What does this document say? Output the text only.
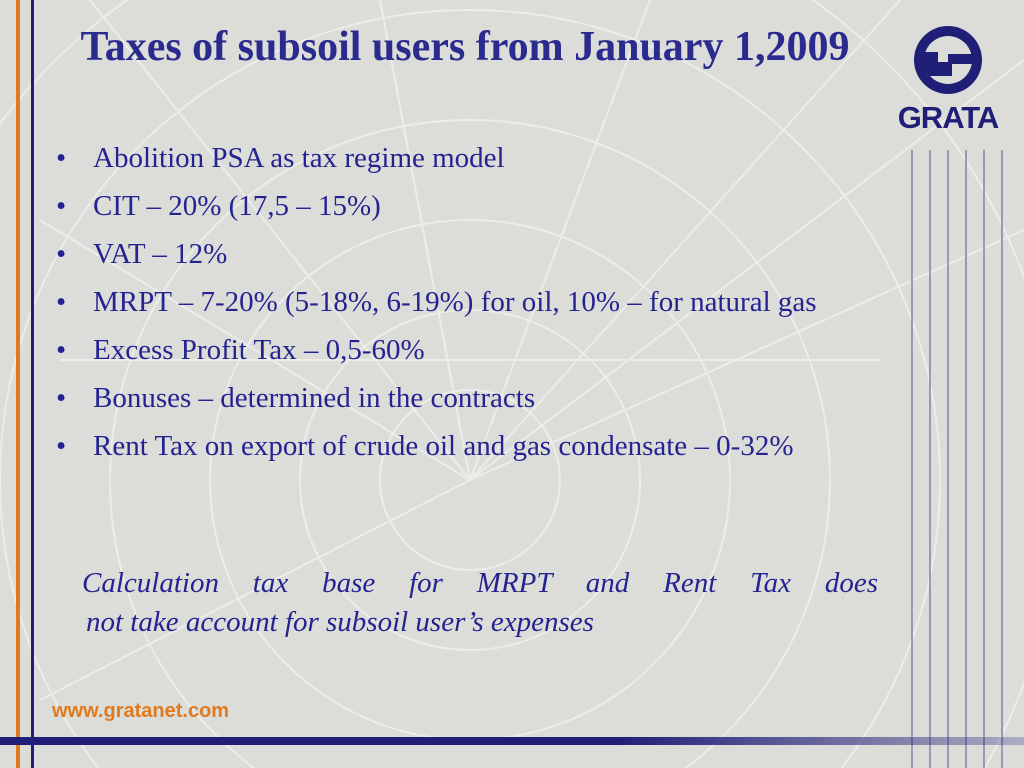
Taxes of subsoil users from January 1,2009
• Abolition PSA as tax regime model
• CIT – 20% (17,5 – 15%)
• VAT – 12%
• MRPT – 7-20% (5-18%, 6-19%) for oil, 10% – for natural gas
• Excess Profit Tax – 0,5-60%
• Bonuses – determined in the contracts
• Rent Tax on export of crude oil and gas condensate – 0-32%
Calculation tax base for MRPT and Rent Tax does
not take account for subsoil user’s expenses
www.gratanet.com
GRATA
